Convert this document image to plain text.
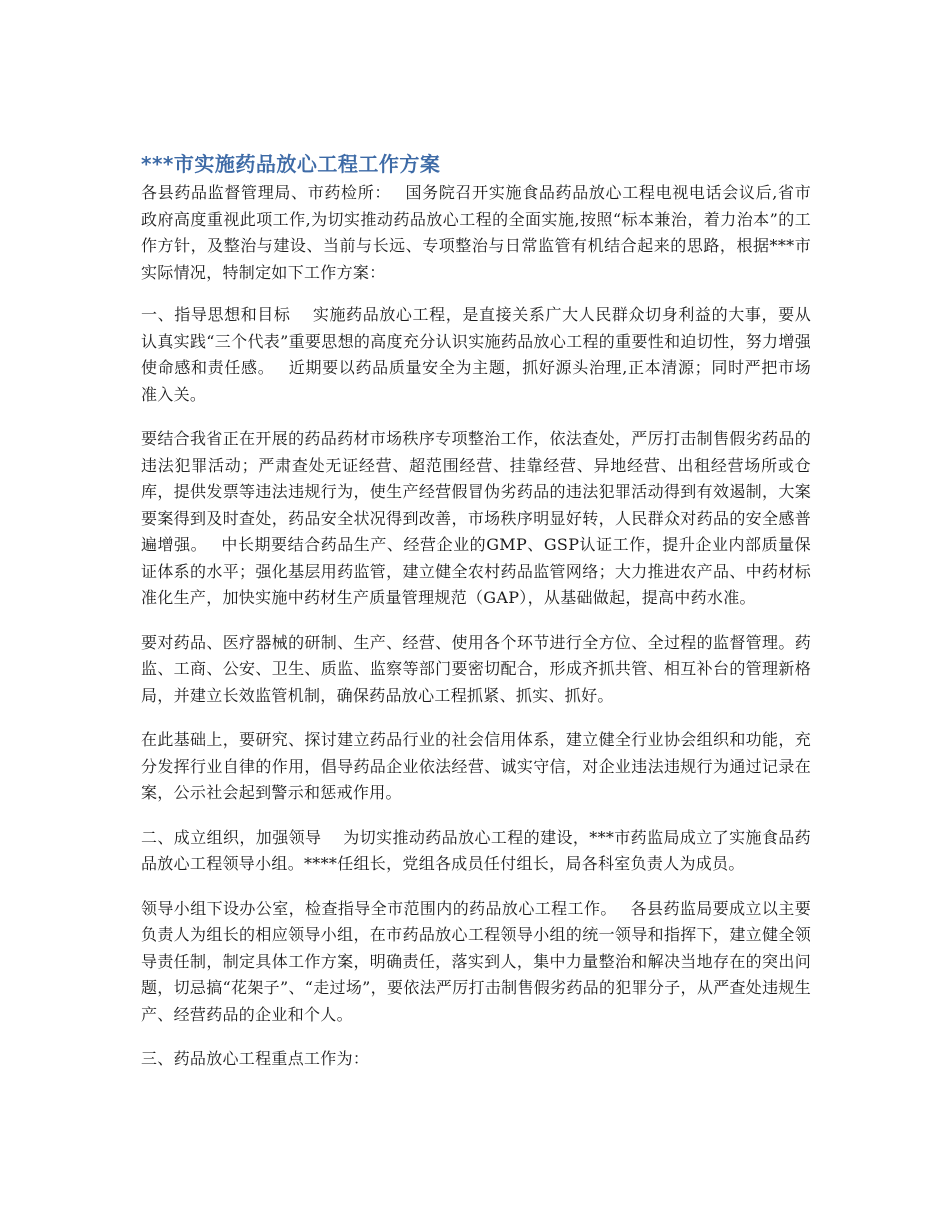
***市实施药品放心工程工作方案

各县药品监督管理局、市药检所：　 国务院召开实施食品药品放心工程电视电话会议后,省市政府高度重视此项工作,为切实推动药品放心工程的全面实施,按照“标本兼治，着力治本”的工作方针，及整治与建设、当前与长远、专项整治与日常监管有机结合起来的思路，根据***市实际情况，特制定如下工作方案：

一、指导思想和目标　 实施药品放心工程，是直接关系广大人民群众切身利益的大事，要从认真实践“三个代表”重要思想的高度充分认识实施药品放心工程的重要性和迫切性，努力增强使命感和责任感。　 近期要以药品质量安全为主题，抓好源头治理,正本清源；同时严把市场准入关。

要结合我省正在开展的药品药材市场秩序专项整治工作，依法查处，严厉打击制售假劣药品的违法犯罪活动；严肃查处无证经营、超范围经营、挂靠经营、异地经营、出租经营场所或仓库，提供发票等违法违规行为，使生产经营假冒伪劣药品的违法犯罪活动得到有效遏制，大案要案得到及时查处，药品安全状况得到改善，市场秩序明显好转，人民群众对药品的安全感普遍增强。　 中长期要结合药品生产、经营企业的GMP、GSP认证工作，提升企业内部质量保证体系的水平；强化基层用药监管，建立健全农村药品监管网络；大力推进农产品、中药材标准化生产，加快实施中药材生产质量管理规范（GAP），从基础做起，提高中药水准。

要对药品、医疗器械的研制、生产、经营、使用各个环节进行全方位、全过程的监督管理。药监、工商、公安、卫生、质监、监察等部门要密切配合，形成齐抓共管、相互补台的管理新格局，并建立长效监管机制，确保药品放心工程抓紧、抓实、抓好。

在此基础上，要研究、探讨建立药品行业的社会信用体系，建立健全行业协会组织和功能，充分发挥行业自律的作用，倡导药品企业依法经营、诚实守信，对企业违法违规行为通过记录在案，公示社会起到警示和惩戒作用。

二、成立组织，加强领导　 为切实推动药品放心工程的建设，***市药监局成立了实施食品药品放心工程领导小组。****任组长，党组各成员任付组长，局各科室负责人为成员。

领导小组下设办公室，检查指导全市范围内的药品放心工程工作。　 各县药监局要成立以主要负责人为组长的相应领导小组，在市药品放心工程领导小组的统一领导和指挥下，建立健全领导责任制，制定具体工作方案，明确责任，落实到人，集中力量整治和解决当地存在的突出问题，切忌搞“花架子”、“走过场”，要依法严厉打击制售假劣药品的犯罪分子，从严查处违规生产、经营药品的企业和个人。

三、药品放心工程重点工作为：
